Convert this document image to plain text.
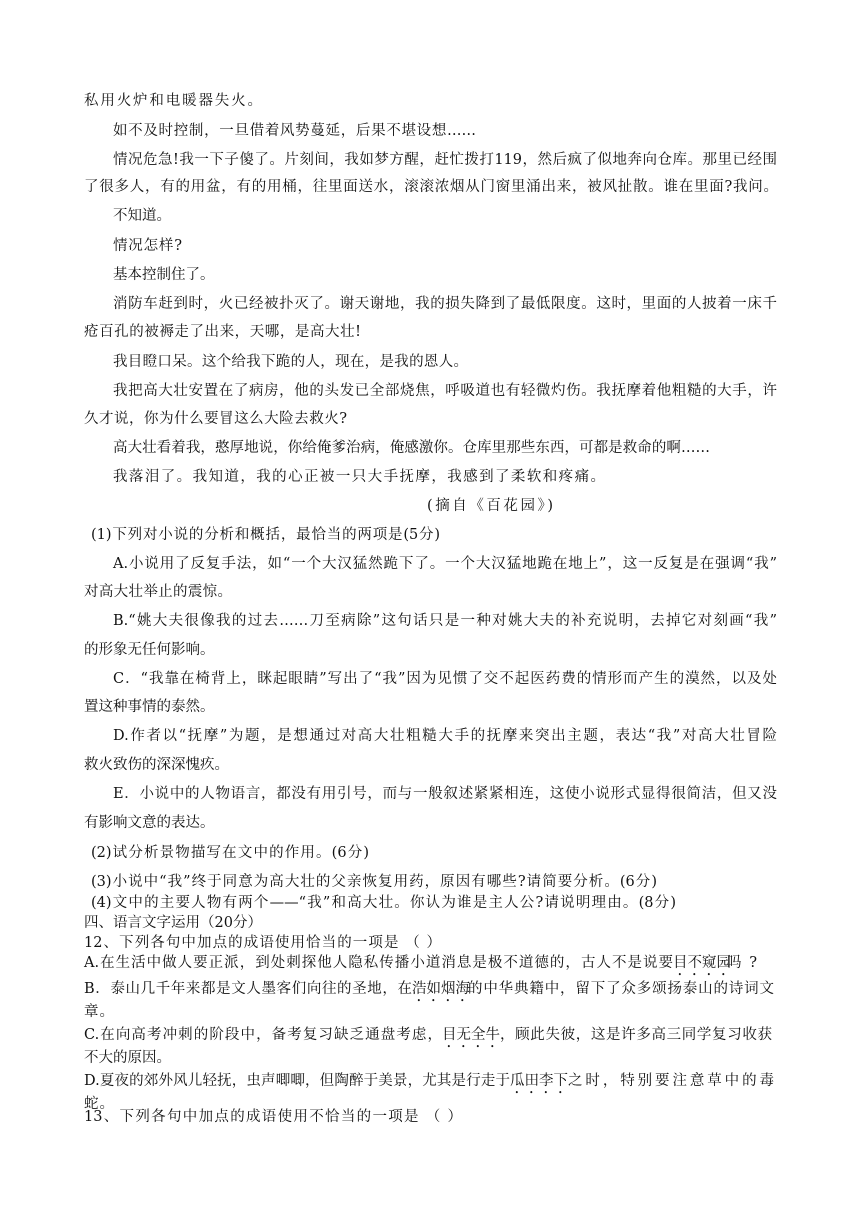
私用火炉和电暖器失火。
如不及时控制，一旦借着风势蔓延，后果不堪设想……
情况危急!我一下子傻了。片刻间，我如梦方醒，赶忙拨打119，然后疯了似地奔向仓库。那里已经围
了很多人，有的用盆，有的用桶，往里面送水，滚滚浓烟从门窗里涌出来，被风扯散。谁在里面?我问。
不知道。
情况怎样?
基本控制住了。
消防车赶到时，火已经被扑灭了。谢天谢地，我的损失降到了最低限度。这时，里面的人披着一床千
疮百孔的被褥走了出来，天哪，是高大壮!
我目瞪口呆。这个给我下跪的人，现在，是我的恩人。
我把高大壮安置在了病房，他的头发已全部烧焦，呼吸道也有轻微灼伤。我抚摩着他粗糙的大手，许
久才说，你为什么要冒这么大险去救火?
高大壮看着我，憨厚地说，你给俺爹治病，俺感激你。仓库里那些东西，可都是救命的啊……
我落泪了。我知道，我的心正被一只大手抚摩，我感到了柔软和疼痛。
(摘自《百花园》)
(1)下列对小说的分析和概括，最恰当的两项是(5分)
A.小说用了反复手法，如“一个大汉猛然跪下了。一个大汉猛地跪在地上”，这一反复是在强调“我”
对高大壮举止的震惊。
B.“姚大夫很像我的过去……刀至病除”这句话只是一种对姚大夫的补充说明，去掉它对刻画“我”
的形象无任何影响。
C．“我靠在椅背上，眯起眼睛”写出了“我”因为见惯了交不起医药费的情形而产生的漠然，以及处
置这种事情的泰然。
D.作者以“抚摩”为题，是想通过对高大壮粗糙大手的抚摩来突出主题，表达“我”对高大壮冒险
救火致伤的深深愧疚。
E．小说中的人物语言，都没有用引号，而与一般叙述紧紧相连，这使小说形式显得很简洁，但又没
有影响文意的表达。
(2)试分析景物描写在文中的作用。(6分)
(3)小说中“我”终于同意为高大壮的父亲恢复用药，原因有哪些?请简要分析。(6分)
(4)文中的主要人物有两个——“我”和高大壮。你认为谁是主人公?请说明理由。(8分)
四、语言文字运用（20分）
12、下列各句中加点的成语使用恰当的一项是 （ ）
A.在生活中做人要正派，到处刺探他人隐私传播小道消息是极不道德的，古人不是说要目不窥园吗?
B．泰山几千年来都是文人墨客们向往的圣地，在浩如烟海的中华典籍中，留下了众多颂扬泰山的诗词文
章。
C.在向高考冲刺的阶段中，备考复习缺乏通盘考虑，目无全牛，顾此失彼，这是许多高三同学复习收获
不大的原因。
D.夏夜的郊外风儿轻抚，虫声唧唧，但陶醉于美景，尤其是行走于瓜田李下之时，特别要注意草中的毒
蛇。
13、下列各句中加点的成语使用不恰当的一项是 （ ）
